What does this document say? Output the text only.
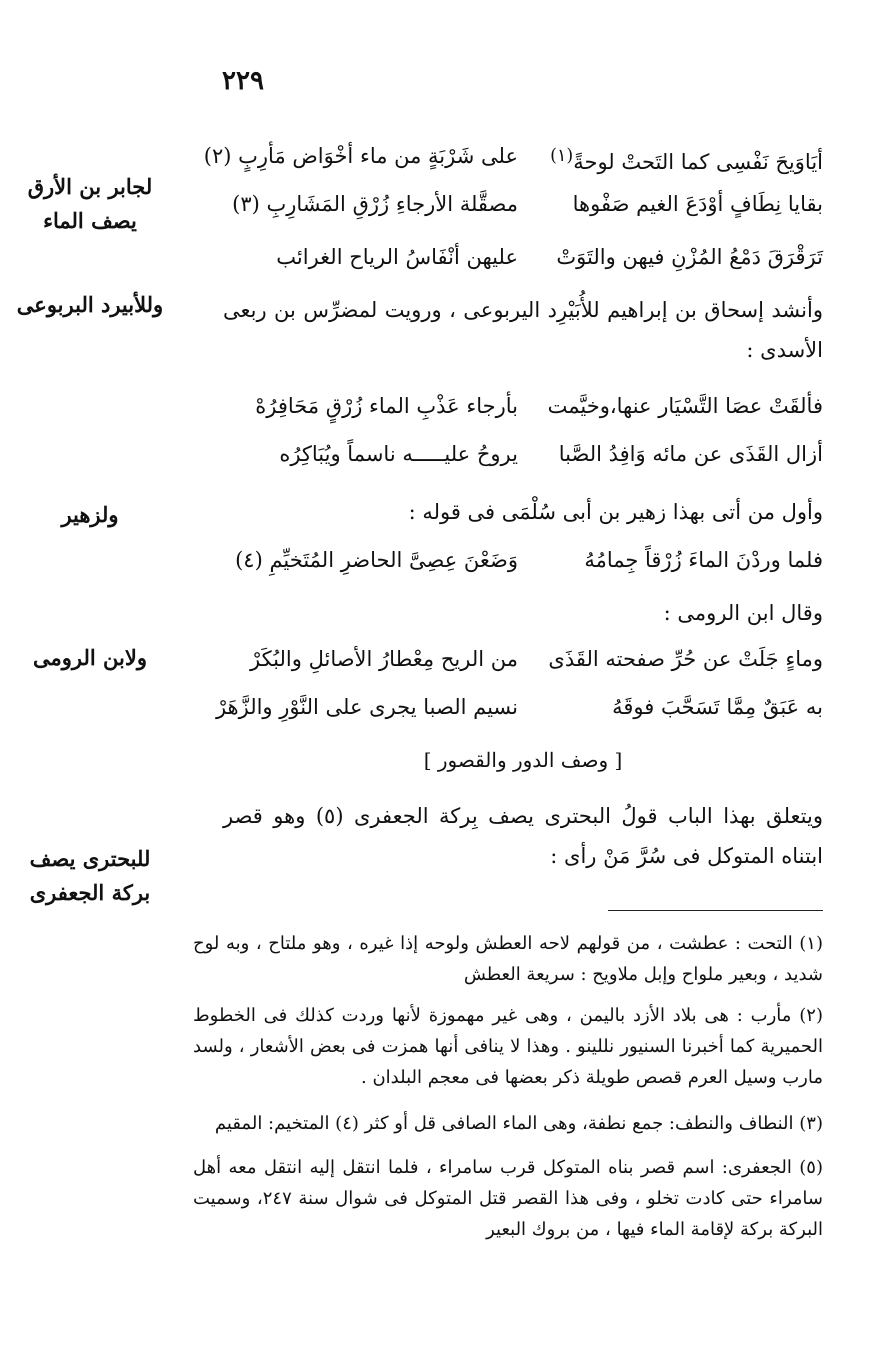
٢٢٩
لجابر بن الأرق يصف الماء
وللأبيرد البربوعى
ولزهير
ولابن الرومى
للبحترى يصف بركة الجعفرى
أيَاوَيحَ نَفْسِى كما التَحتْ لوحةً$^{(١)}$
على شَرْبَةٍ من ماء أخْوَاض مَأرِبٍ (٢)
بقايا نِطَافٍ أوْدَعَ الغيم صَفْوها
مصقَّلة الأرجاءِ زُرْقِ المَشَارِبِ (٣)
تَرَقْرَقَ دَمْعُ المُزْنِ فيهن والتَوَتْ
عليهن أنْفَاسُ الرياح الغرائب
وأنشد إسحاق بن إبراهيم للأُبَيْرِد اليربوعى ، ورويت لمضرِّس بن ربعى الأسدى :
فألقَتْ عصَا التَّسْيَار عنها،وخيَّمت
بأرجاء عَذْبِ الماء زُرْقٍ مَحَافِرُهْ
أزال القَذَى عن مائه وَافِدُ الصَّبا
يروحُ عليـــــه ناسماً ويُبَاكِرُه
وأول من أتى بهذا زهير بن أبى سُلْمَى فى قوله :
فلما وردْنَ الماءَ زُرْقاً جِمامُهُ
وَضَعْنَ عِصِىَّ الحاضرِ المُتَخيِّمِ (٤)
وقال ابن الرومى :
وماءٍ جَلَتْ عن حُرِّ صفحته القَذَى
من الريح مِعْطارُ الأصائلِ والبُكَرْ
به عَبَقٌ مِمَّا تَسَحَّبَ فوقَهُ
نسيم الصبا يجرى على النَّوْرِ والزَّهَرْ
[ وصف الدور والقصور ]
ويتعلق بهذا الباب قولُ البحترى يصف بِركة الجعفرى (٥) وهو قصر ابتناه المتوكل فى سُرَّ مَنْ رأى :
(١) التحت : عطشت ، من قولهم لاحه العطش ولوحه إذا غيره ، وهو ملتاح ، وبه لوح شديد ، وبعير ملواح وإبل ملاويح : سريعة العطش
(٢) مأرب : هى بلاد الأزد باليمن ، وهى غير مهموزة لأنها وردت كذلك فى الخطوط الحميرية كما أخبرنا السنيور نللينو . وهذا لا ينافى أنها همزت فى بعض الأشعار ، ولسد مارب وسيل العرم قصص طويلة ذكر بعضها فى معجم البلدان .
(٣) النطاف والنطف: جمع نطفة، وهى الماء الصافى قل أو كثر (٤) المتخيم: المقيم
(٥) الجعفرى: اسم قصر بناه المتوكل قرب سامراء ، فلما انتقل إليه انتقل معه أهل سامراء حتى كادت تخلو ، وفى هذا القصر قتل المتوكل فى شوال سنة ٢٤٧، وسميت البركة بركة لإقامة الماء فيها ، من بروك البعير
